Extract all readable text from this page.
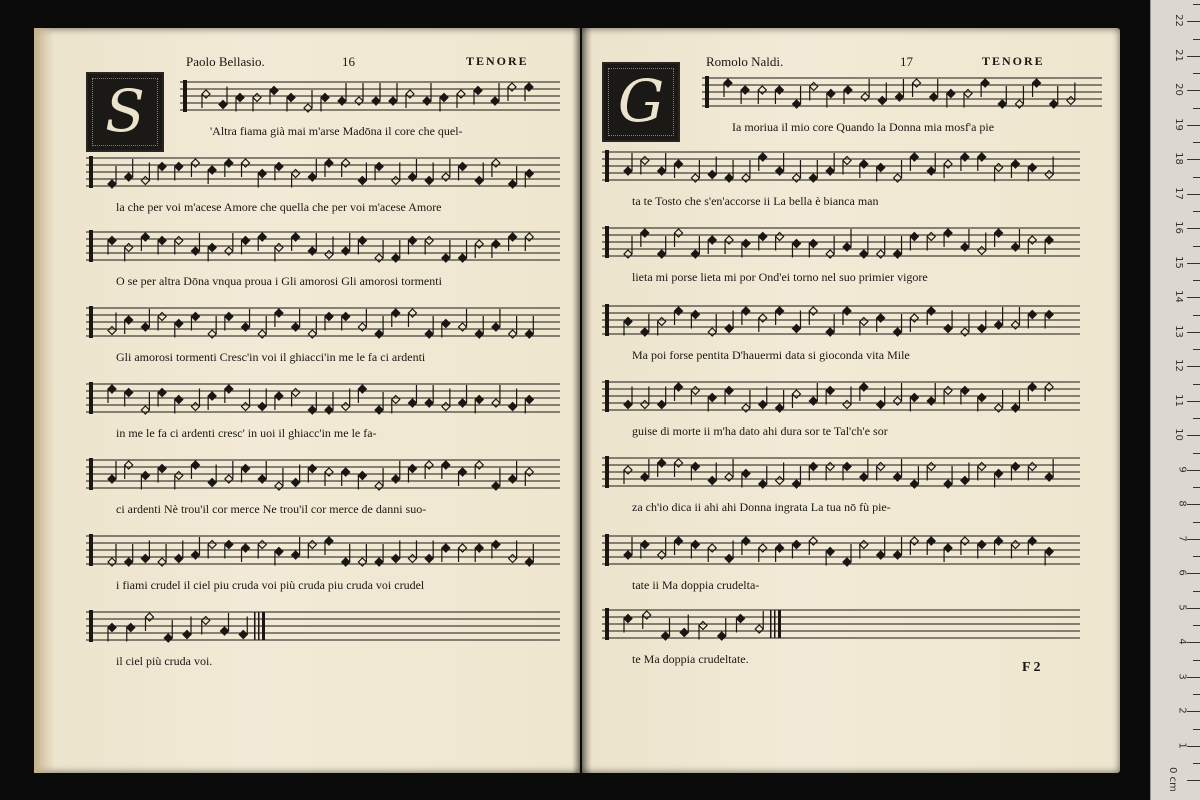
Paolo Bellasio.	16	TENORE
S	'Altra fiama già mai m'arse Madōna il core che quel-
la che per voi m'acese Amore che quella che per voi m'acese Amore
O se per altra Dōna vnqua proua i Gli amorosi Gli amorosi tormenti
Gli amorosi tormenti Cresc'in voi il ghiacci'in me le fa ci ardenti
in me le fa ci ardenti cresc' in uoi il ghiacc'in me le fa-
ci ardenti Nè trou'il cor merce Ne trou'il cor merce de danni suo-
i fiami crudel il ciel piu cruda voi più cruda piu cruda voi crudel
il ciel più cruda voi.
Romolo Naldi.	17	TENORE
G	Ia moriua il mio core Quando la Donna mia mosf'a pie
ta te Tosto che s'en'accorse ii La bella è bianca man
lieta mi porse lieta mi por Ond'ei torno nel suo primier vigore
Ma poi forse pentita D'hauermi data si gioconda vita Mile
guise di morte ii m'ha dato ahi dura sor te Tal'ch'e sor
za ch'io dica ii ahi ahi Donna ingrata La tua nō fù pie-
tate ii Ma doppia crudelta-
te Ma doppia crudeltate.
F 2
0 cm
1
2
3
4
5
6
7
8
9
10
11
12
13
14
15
16
17
18
19
20
21
22
